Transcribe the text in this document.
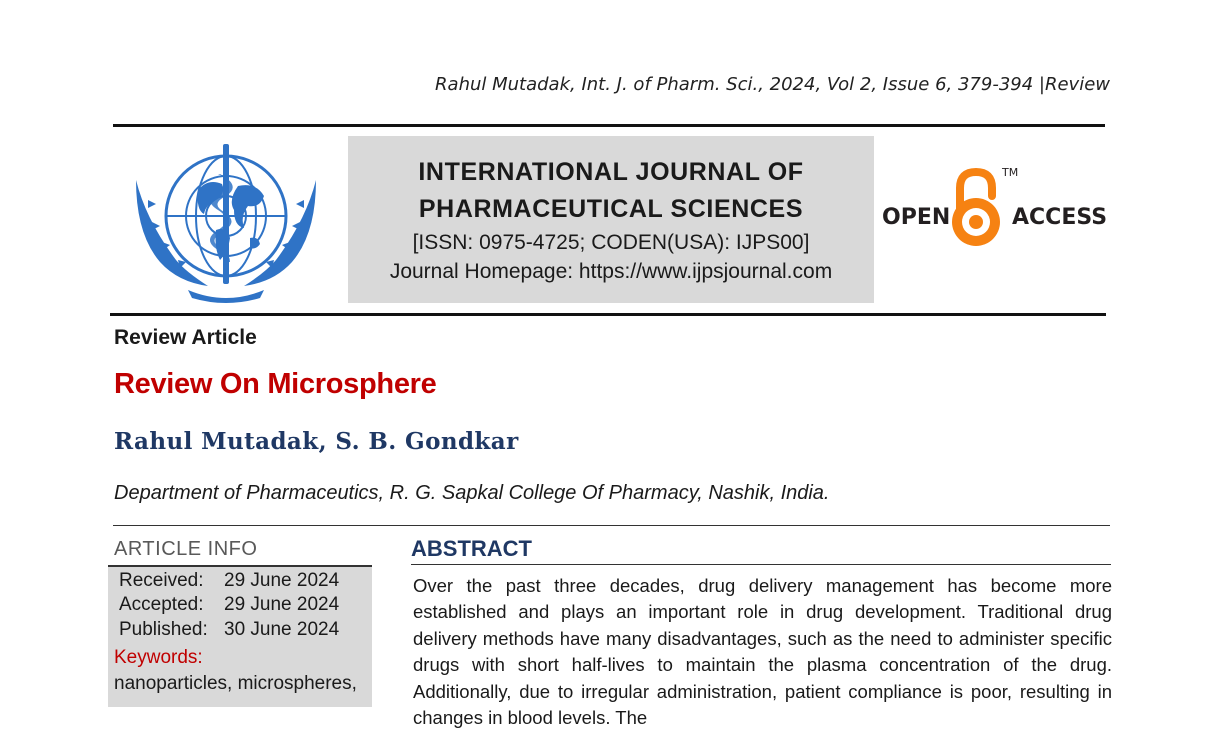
Rahul Mutadak, Int. J. of Pharm. Sci., 2024, Vol 2, Issue 6, 379-394 |Review
INTERNATIONAL JOURNAL OF
PHARMACEUTICAL SCIENCES
[ISSN: 0975-4725; CODEN(USA): IJPS00]
Journal Homepage: https://www.ijpsjournal.com
OPEN
TM
ACCESS
Review Article
Review On Microsphere
Rahul Mutadak, S. B. Gondkar
Department of Pharmaceutics, R. G. Sapkal College Of Pharmacy, Nashik, India.
ARTICLE INFO
Received: 29 June 2024
Accepted: 29 June 2024
Published: 30 June 2024
Keywords:
nanoparticles, microspheres,
ABSTRACT
Over the past three decades, drug delivery management has become more established and plays an important role in drug development. Traditional drug delivery methods have many disadvantages, such as the need to administer specific drugs with short half-lives to maintain the plasma concentration of the drug. Additionally, due to irregular administration, patient compliance is poor, resulting in changes in blood levels. The
